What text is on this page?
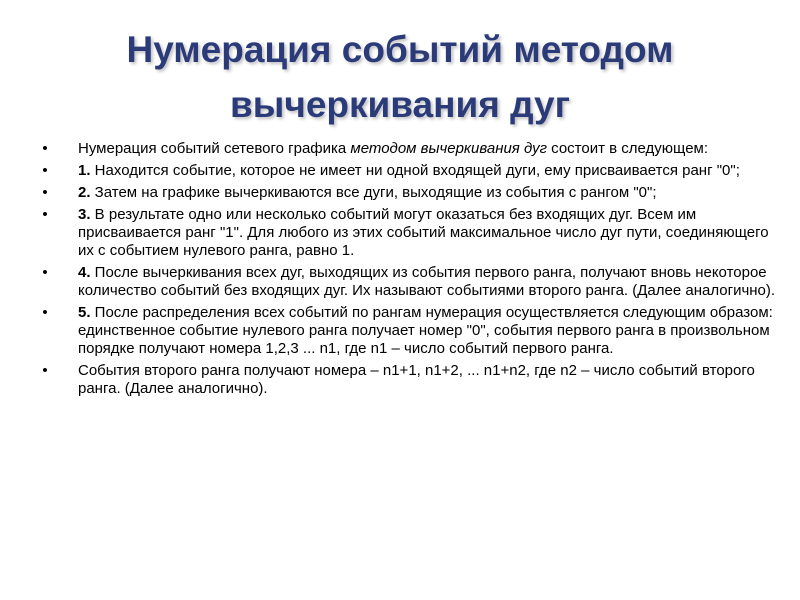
Нумерация событий методом вычеркивания дуг
• Нумерация событий сетевого графика методом вычеркивания дуг состоит в следующем:
• 1. Находится событие, которое не имеет ни одной входящей дуги, ему присваивается ранг "0";
• 2. Затем на графике вычеркиваются все дуги, выходящие из события с рангом "0";
• 3. В результате одно или несколько событий могут оказаться без входящих дуг. Всем им присваивается ранг "1". Для любого из этих событий максимальное число дуг пути, соединяющего их с событием нулевого ранга, равно 1.
• 4. После вычеркивания всех дуг, выходящих из события первого ранга, получают вновь некоторое количество событий без входящих дуг. Их называют событиями второго ранга. (Далее аналогично).
• 5. После распределения всех событий по рангам нумерация осуществляется следующим образом: единственное событие нулевого ранга получает номер "0", события первого ранга в произвольном порядке получают номера 1,2,3 ... n1, где n1 – число событий первого ранга.
• События второго ранга получают номера – n1+1, n1+2, ... n1+n2, где n2 – число событий второго ранга. (Далее аналогично).
